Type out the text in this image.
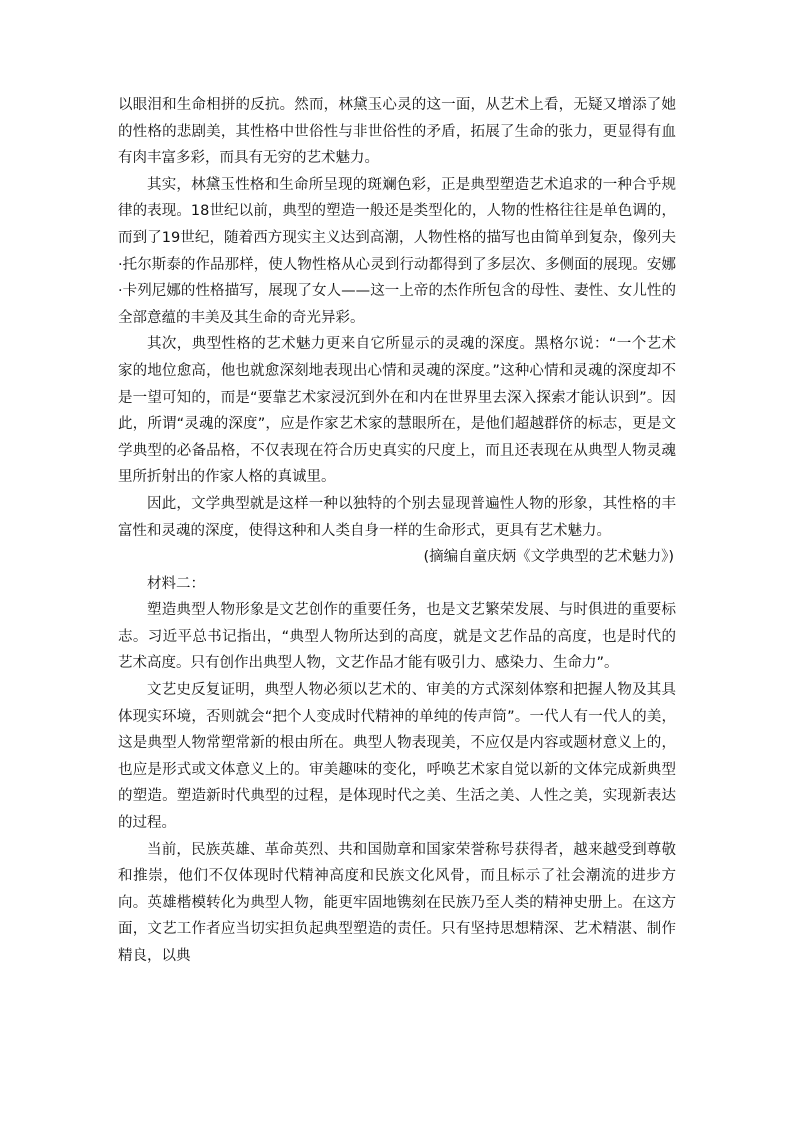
以眼泪和生命相拼的反抗。然而，林黛玉心灵的这一面，从艺术上看，无疑又增添了她的性格的悲剧美，其性格中世俗性与非世俗性的矛盾，拓展了生命的张力，更显得有血有肉丰富多彩，而具有无穷的艺术魅力。

其实，林黛玉性格和生命所呈现的斑斓色彩，正是典型塑造艺术追求的一种合乎规律的表现。18世纪以前，典型的塑造一般还是类型化的，人物的性格往往是单色调的，而到了19世纪，随着西方现实主义达到高潮，人物性格的描写也由简单到复杂，像列夫·托尔斯泰的作品那样，使人物性格从心灵到行动都得到了多层次、多侧面的展现。安娜·卡列尼娜的性格描写，展现了女人——这一上帝的杰作所包含的母性、妻性、女儿性的全部意蕴的丰美及其生命的奇光异彩。

其次，典型性格的艺术魅力更来自它所显示的灵魂的深度。黑格尔说：“一个艺术家的地位愈高，他也就愈深刻地表现出心情和灵魂的深度。”这种心情和灵魂的深度却不是一望可知的，而是“要靠艺术家浸沉到外在和内在世界里去深入探索才能认识到”。因此，所谓“灵魂的深度”，应是作家艺术家的慧眼所在，是他们超越群侪的标志，更是文学典型的必备品格，不仅表现在符合历史真实的尺度上，而且还表现在从典型人物灵魂里所折射出的作家人格的真诚里。

因此，文学典型就是这样一种以独特的个别去显现普遍性人物的形象，其性格的丰富性和灵魂的深度，使得这种和人类自身一样的生命形式，更具有艺术魅力。

(摘编自童庆炳《文学典型的艺术魅力》)

材料二：

塑造典型人物形象是文艺创作的重要任务，也是文艺繁荣发展、与时俱进的重要标志。习近平总书记指出，“典型人物所达到的高度，就是文艺作品的高度，也是时代的艺术高度。只有创作出典型人物，文艺作品才能有吸引力、感染力、生命力”。

文艺史反复证明，典型人物必须以艺术的、审美的方式深刻体察和把握人物及其具体现实环境，否则就会“把个人变成时代精神的单纯的传声筒”。一代人有一代人的美，这是典型人物常塑常新的根由所在。典型人物表现美，不应仅是内容或题材意义上的，也应是形式或文体意义上的。审美趣味的变化，呼唤艺术家自觉以新的文体完成新典型的塑造。塑造新时代典型的过程，是体现时代之美、生活之美、人性之美，实现新表达的过程。

当前，民族英雄、革命英烈、共和国勋章和国家荣誉称号获得者，越来越受到尊敬和推崇，他们不仅体现时代精神高度和民族文化风骨，而且标示了社会潮流的进步方向。英雄楷模转化为典型人物，能更牢固地镌刻在民族乃至人类的精神史册上。在这方面，文艺工作者应当切实担负起典型塑造的责任。只有坚持思想精深、艺术精湛、制作精良，以典
